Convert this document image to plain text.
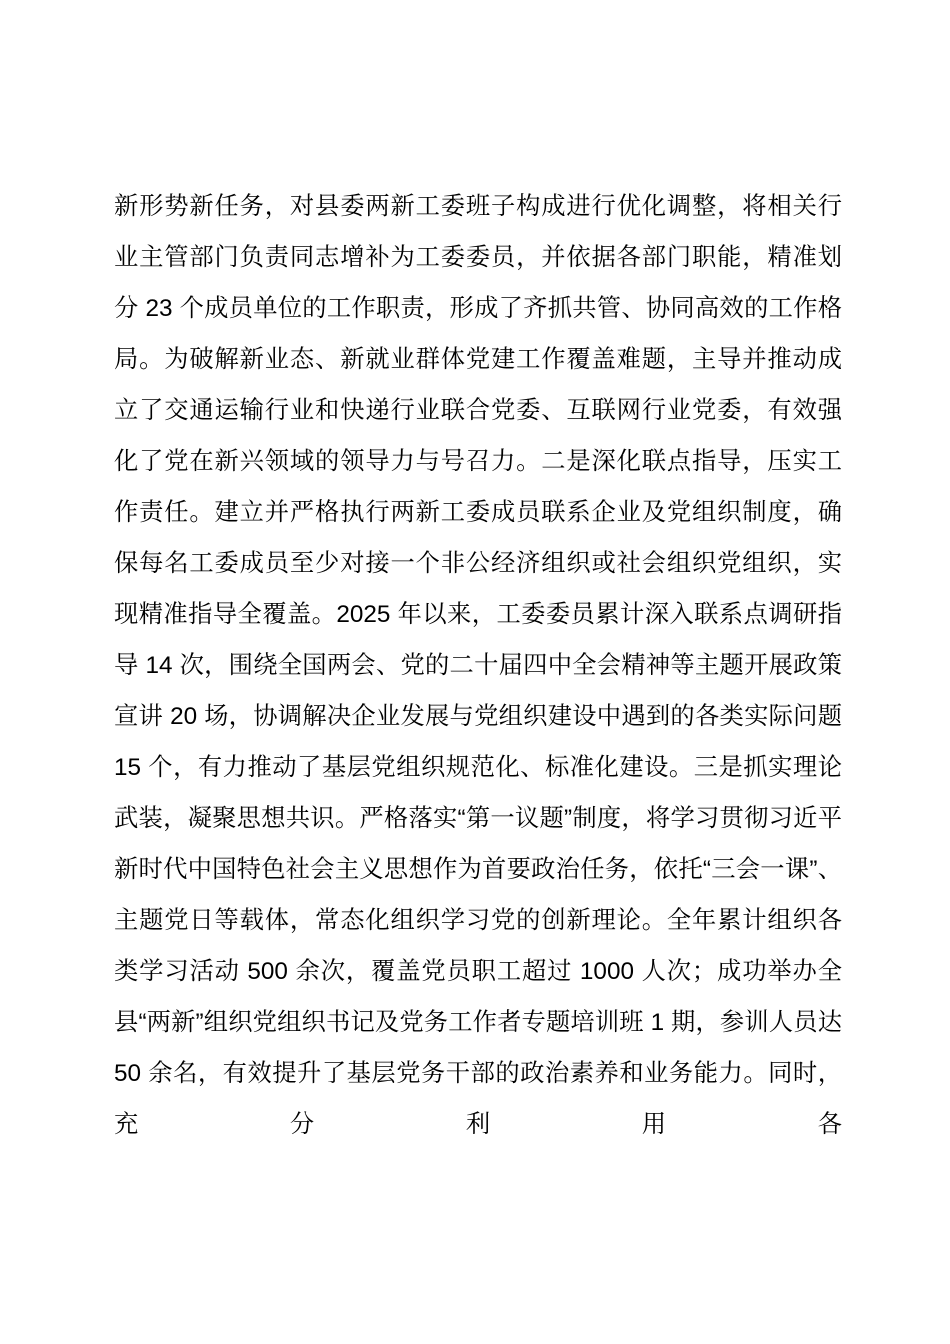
新形势新任务，对县委两新工委班子构成进行优化调整，将相关行业主管部门负责同志增补为工委委员，并依据各部门职能，精准划分 23 个成员单位的工作职责，形成了齐抓共管、协同高效的工作格局。为破解新业态、新就业群体党建工作覆盖难题，主导并推动成立了交通运输行业和快递行业联合党委、互联网行业党委，有效强化了党在新兴领域的领导力与号召力。二是深化联点指导，压实工作责任。建立并严格执行两新工委成员联系企业及党组织制度，确保每名工委成员至少对接一个非公经济组织或社会组织党组织，实现精准指导全覆盖。2025 年以来，工委委员累计深入联系点调研指导 14 次，围绕全国两会、党的二十届四中全会精神等主题开展政策宣讲 20 场，协调解决企业发展与党组织建设中遇到的各类实际问题 15 个，有力推动了基层党组织规范化、标准化建设。三是抓实理论武装，凝聚思想共识。严格落实“第一议题”制度，将学习贯彻习近平新时代中国特色社会主义思想作为首要政治任务，依托“三会一课”、主题党日等载体，常态化组织学习党的创新理论。全年累计组织各类学习活动 500 余次，覆盖党员职工超过 1000 人次；成功举办全县“两新”组织党组织书记及党务工作者专题培训班 1 期，参训人员达 50 余名，有效提升了基层党务干部的政治素养和业务能力。同时，充分利用各
